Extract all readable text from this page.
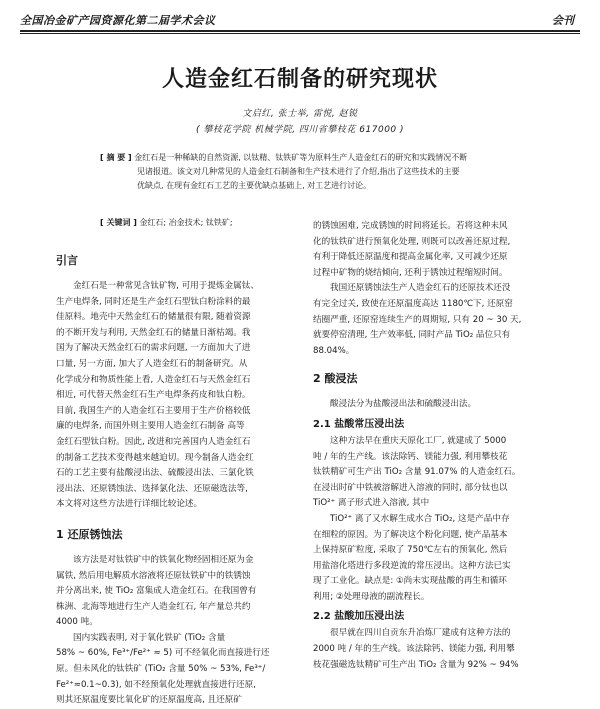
全国冶金矿产园资源化第二届学术会议	会刊
人造金红石制备的研究现状
文启红, 张士举, 雷悦, 赵锐
( 攀枝花学院 机械学院, 四川省攀枝花 617000 )
[ 摘 要 ] 金红石是一种稀缺的自然资源, 以钛精、钛铁矿等为原料生产人造金红石的研究和实践情况不断
见诸报道。该文对几种常见的人造金红石制备和生产技术进行了介绍,指出了这些技术的主要
优缺点, 在现有金红石工艺的主要优缺点基础上, 对工艺进行讨论。
[ 关键词 ] 金红石; 冶金技术; 钛铁矿;
引言
金红石是一种常见含钛矿物, 可用于提炼金属钛、
生产电焊条, 同时还是生产金红石型钛白粉涂料的最
佳原料。地壳中天然金红石的储量很有限, 随着资源
的不断开发与利用, 天然金红石的储量日渐枯竭。我
国为了解决天然金红石的需求问题, 一方面加大了进
口量, 另一方面, 加大了人造金红石的制备研究。从
化学成分和物质性能上看, 人造金红石与天然金红石
相近, 可代替天然金红石生产电焊条药皮和钛白粉。
目前, 我国生产的人造金红石主要用于生产价格较低
廉的电焊条, 而国外则主要用人造金红石制备 高等
金红石型钛白粉。因此, 改进和完善国内人造金红石
的制备工艺技术变得越来越迫切。现今制备人造金红
石的工艺主要有盐酸浸出法、硫酸浸出法、三氯化铁
浸出法、还原锈蚀法、选择氯化法、还原磁选法等,
本文将对这些方法进行详细比较论述。
1 还原锈蚀法
该方法是对钛铁矿中的铁氧化物经固相还原为金
属铁, 然后用电解质水溶液将还原钛铁矿中的铁锈蚀
并分离出来, 使 TiO₂ 富集成人造金红石。在我国曾有
株洲、北海等地进行生产人造金红石, 年产量总共约
4000 吨。
国内实践表明, 对于氧化铁矿 (TiO₂ 含量
58% ~ 60%, Fe³⁺/Fe²⁺ ≈ 5) 可不经氧化而直接进行还
原。但未风化的钛铁矿 (TiO₂ 含量 50% ~ 53%, Fe³⁺/
Fe²⁺≈0.1~0.3), 如不经预氧化处理就直接进行还原,
则其还原温度要比氧化矿的还原温度高, 且还原矿
的锈蚀困难, 完成锈蚀的时间将延长。若将这种未风
化的钛铁矿进行预氧化处理, 则既可以改善还原过程,
有利于降低还原温度和提高金属化率, 又可减少还原
过程中矿物的烧结倾向, 还利于锈蚀过程缩短时间。
我国还原锈蚀法生产人造金红石的还原技术还没
有完全过关, 致使在还原温度高达 1180℃下, 还原窑
结圈严重, 还原窑连续生产的周期短, 只有 20 ~ 30 天,
就要停窑清理, 生产效率低, 同时产品 TiO₂ 品位只有
88.04%。
2 酸浸法
酸浸法分为盐酸浸出法和硫酸浸出法。
2.1 盐酸常压浸出法
这种方法早在重庆天原化工厂, 就建成了 5000
吨 / 年的生产线。该法除钙、镁能力强, 利用攀枝花
钛铁精矿可生产出 TiO₂ 含量 91.07% 的人造金红石。
在浸出时矿中铁被溶解进入溶液的同时, 部分钛也以
TiO²⁺ 离子形式进入溶液, 其中
TiO²⁺ 离了又水解生成水合 TiO₂, 这是产品中存
在细粒的原因。为了解决这个粉化问题, 使产品基本
上保持原矿粒度, 采取了 750℃左右的预氧化, 然后
用盐溶化塔进行多段逆流的常压浸出。这种方法已实
现了工业化。缺点是: ①尚未实现盐酸的再生和循环
利用; ②处理母液的副流程长。
2.2 盐酸加压浸出法
很早就在四川自贡东升冶炼厂建成有这种方法的
2000 吨 / 年的生产线。该法除钙、镁能力强, 利用攀
枝花强磁选钛精矿可生产出 TiO₂ 含量为 92% ~ 94%
